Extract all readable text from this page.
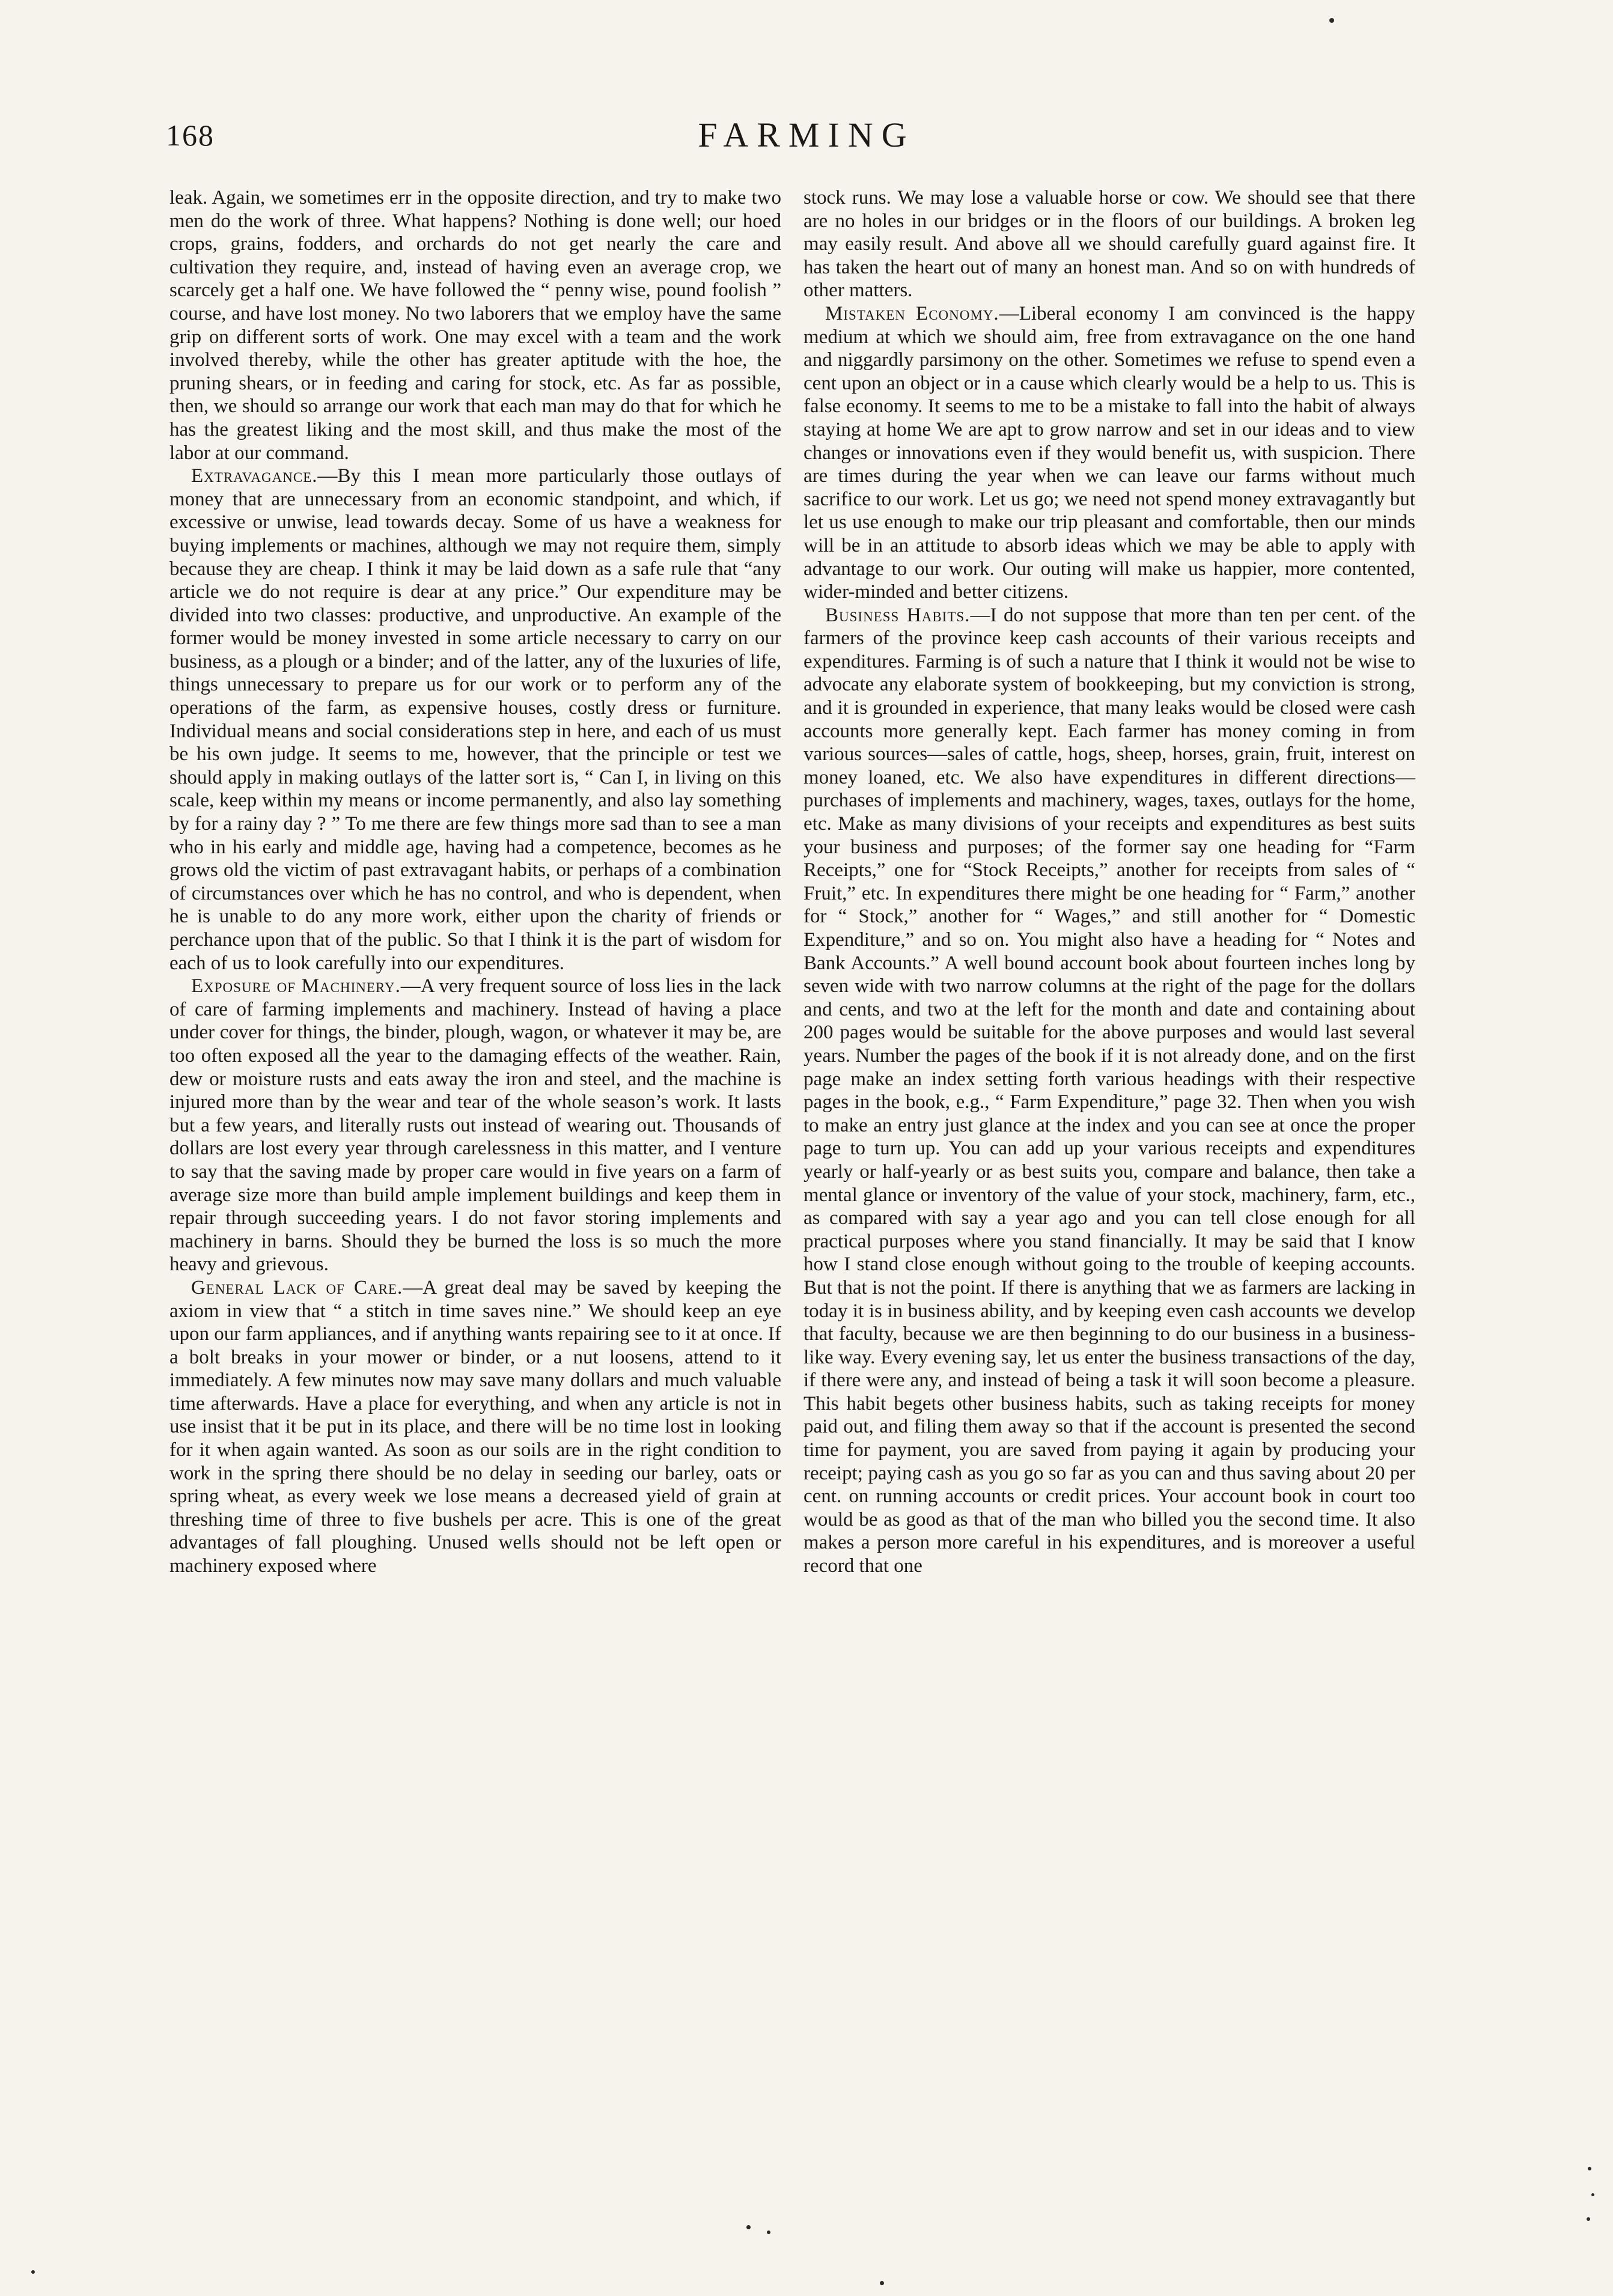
168	FARMING

leak. Again, we sometimes err in the opposite direction, and try to make two men do the work of three. What happens? Nothing is done well; our hoed crops, grains, fodders, and orchards do not get nearly the care and cultivation they require, and, instead of having even an average crop, we scarcely get a half one. We have followed the “ penny wise, pound foolish ” course, and have lost money. No two laborers that we employ have the same grip on different sorts of work. One may excel with a team and the work involved thereby, while the other has greater aptitude with the hoe, the pruning shears, or in feeding and caring for stock, etc. As far as possible, then, we should so arrange our work that each man may do that for which he has the greatest liking and the most skill, and thus make the most of the labor at our command.

Extravagance.—By this I mean more particularly those outlays of money that are unnecessary from an economic standpoint, and which, if excessive or unwise, lead towards decay. Some of us have a weakness for buying implements or machines, although we may not require them, simply because they are cheap. I think it may be laid down as a safe rule that “any article we do not require is dear at any price.” Our expenditure may be divided into two classes: productive, and unproductive. An example of the former would be money invested in some article necessary to carry on our business, as a plough or a binder; and of the latter, any of the luxuries of life, things unnecessary to prepare us for our work or to perform any of the operations of the farm, as expensive houses, costly dress or furniture. Individual means and social considerations step in here, and each of us must be his own judge. It seems to me, however, that the principle or test we should apply in making outlays of the latter sort is, “ Can I, in living on this scale, keep within my means or income permanently, and also lay something by for a rainy day ? ” To me there are few things more sad than to see a man who in his early and middle age, having had a competence, becomes as he grows old the victim of past extravagant habits, or perhaps of a combination of circumstances over which he has no control, and who is dependent, when he is unable to do any more work, either upon the charity of friends or perchance upon that of the public. So that I think it is the part of wisdom for each of us to look carefully into our expenditures.

Exposure of Machinery.—A very frequent source of loss lies in the lack of care of farming implements and machinery. Instead of having a place under cover for things, the binder, plough, wagon, or whatever it may be, are too often exposed all the year to the damaging effects of the weather. Rain, dew or moisture rusts and eats away the iron and steel, and the machine is injured more than by the wear and tear of the whole season’s work. It lasts but a few years, and literally rusts out instead of wearing out. Thousands of dollars are lost every year through carelessness in this matter, and I venture to say that the saving made by proper care would in five years on a farm of average size more than build ample implement buildings and keep them in repair through succeeding years. I do not favor storing implements and machinery in barns. Should they be burned the loss is so much the more heavy and grievous.

General Lack of Care.—A great deal may be saved by keeping the axiom in view that “ a stitch in time saves nine.” We should keep an eye upon our farm appliances, and if anything wants repairing see to it at once. If a bolt breaks in your mower or binder, or a nut loosens, attend to it immediately. A few minutes now may save many dollars and much valuable time afterwards. Have a place for everything, and when any article is not in use insist that it be put in its place, and there will be no time lost in looking for it when again wanted. As soon as our soils are in the right condition to work in the spring there should be no delay in seeding our barley, oats or spring wheat, as every week we lose means a decreased yield of grain at threshing time of three to five bushels per acre. This is one of the great advantages of fall ploughing. Unused wells should not be left open or machinery exposed where

stock runs. We may lose a valuable horse or cow. We should see that there are no holes in our bridges or in the floors of our buildings. A broken leg may easily result. And above all we should carefully guard against fire. It has taken the heart out of many an honest man. And so on with hundreds of other matters.

Mistaken Economy.—Liberal economy I am convinced is the happy medium at which we should aim, free from extravagance on the one hand and niggardly parsimony on the other. Sometimes we refuse to spend even a cent upon an object or in a cause which clearly would be a help to us. This is false economy. It seems to me to be a mistake to fall into the habit of always staying at home We are apt to grow narrow and set in our ideas and to view changes or innovations even if they would benefit us, with suspicion. There are times during the year when we can leave our farms without much sacrifice to our work. Let us go; we need not spend money extravagantly but let us use enough to make our trip pleasant and comfortable, then our minds will be in an attitude to absorb ideas which we may be able to apply with advantage to our work. Our outing will make us happier, more contented, wider-minded and better citizens.

Business Habits.—I do not suppose that more than ten per cent. of the farmers of the province keep cash accounts of their various receipts and expenditures. Farming is of such a nature that I think it would not be wise to advocate any elaborate system of bookkeeping, but my conviction is strong, and it is grounded in experience, that many leaks would be closed were cash accounts more generally kept. Each farmer has money coming in from various sources—sales of cattle, hogs, sheep, horses, grain, fruit, interest on money loaned, etc. We also have expenditures in different directions—purchases of implements and machinery, wages, taxes, outlays for the home, etc. Make as many divisions of your receipts and expenditures as best suits your business and purposes; of the former say one heading for “Farm Receipts,” one for “Stock Receipts,” another for receipts from sales of “ Fruit,” etc. In expenditures there might be one heading for “ Farm,” another for “ Stock,” another for “ Wages,” and still another for “ Domestic Expenditure,” and so on. You might also have a heading for “ Notes and Bank Accounts.” A well bound account book about fourteen inches long by seven wide with two narrow columns at the right of the page for the dollars and cents, and two at the left for the month and date and containing about 200 pages would be suitable for the above purposes and would last several years. Number the pages of the book if it is not already done, and on the first page make an index setting forth various headings with their respective pages in the book, e.g., “ Farm Expenditure,” page 32. Then when you wish to make an entry just glance at the index and you can see at once the proper page to turn up. You can add up your various receipts and expenditures yearly or half-yearly or as best suits you, compare and balance, then take a mental glance or inventory of the value of your stock, machinery, farm, etc., as compared with say a year ago and you can tell close enough for all practical purposes where you stand financially. It may be said that I know how I stand close enough without going to the trouble of keeping accounts. But that is not the point. If there is anything that we as farmers are lacking in today it is in business ability, and by keeping even cash accounts we develop that faculty, because we are then beginning to do our business in a business-like way. Every evening say, let us enter the business transactions of the day, if there were any, and instead of being a task it will soon become a pleasure. This habit begets other business habits, such as taking receipts for money paid out, and filing them away so that if the account is presented the second time for payment, you are saved from paying it again by producing your receipt; paying cash as you go so far as you can and thus saving about 20 per cent. on running accounts or credit prices. Your account book in court too would be as good as that of the man who billed you the second time. It also makes a person more careful in his expenditures, and is moreover a useful record that one
